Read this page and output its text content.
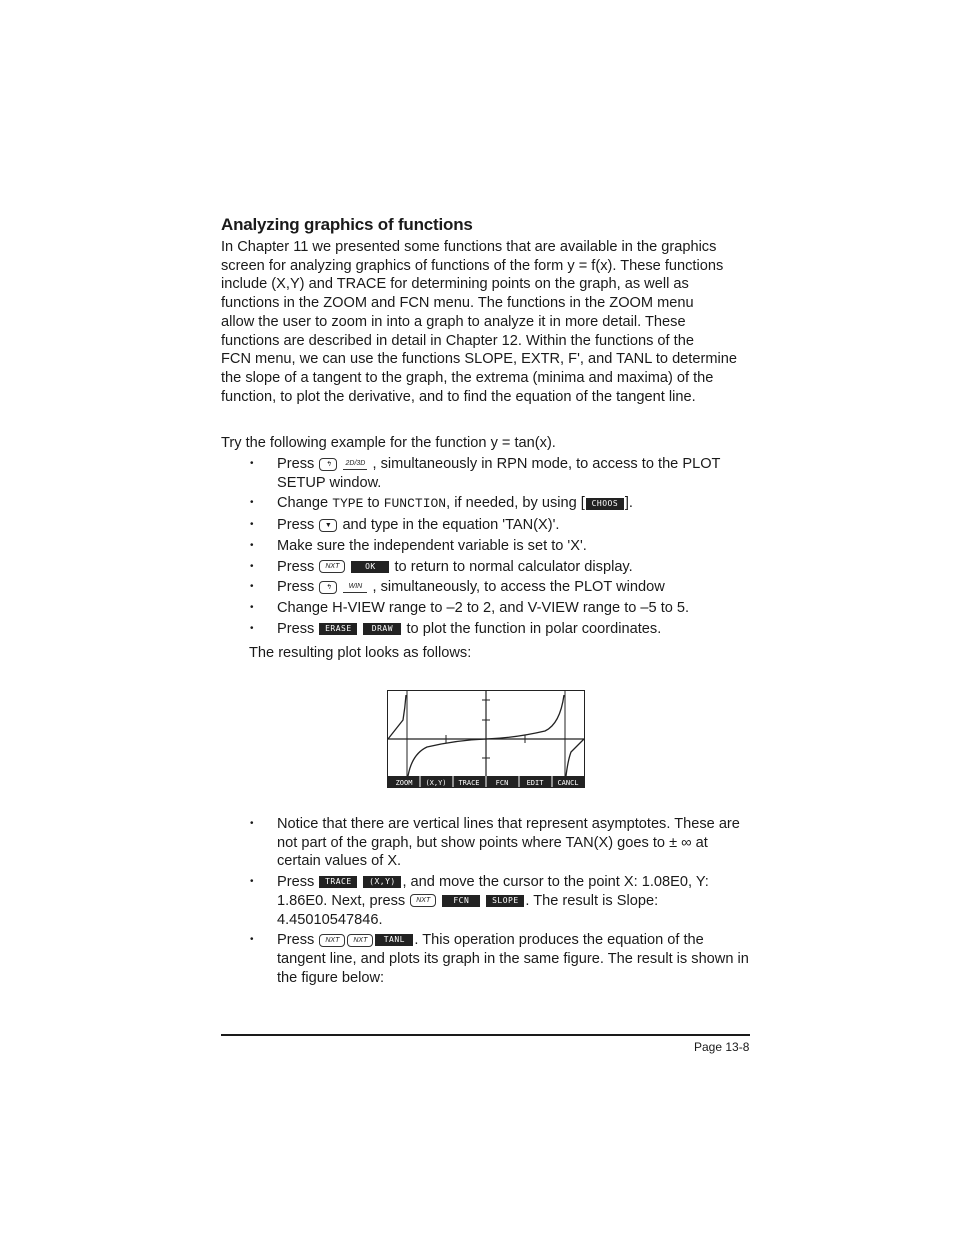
Analyzing graphics of functions
In Chapter 11 we presented some functions that are available in the graphics
screen for analyzing graphics of functions of the form y = f(x). These functions
include (X,Y) and TRACE for determining points on the graph, as well as
functions in the ZOOM and FCN menu. The functions in the ZOOM menu
allow the user to zoom in into a graph to analyze it in more detail. These
functions are described in detail in Chapter 12. Within the functions of the
FCN menu, we can use the functions SLOPE, EXTR, F', and TANL to determine
the slope of a tangent to the graph, the extrema (minima and maxima) of the
function, to plot the derivative, and to find the equation of the tangent line.
Try the following example for the function y = tan(x).
• Press ↰ 2D/3D , simultaneously in RPN mode, to access to the PLOT SETUP window.
• Change TYPE to FUNCTION, if needed, by using [ CHOOS ].
• Press ▼ and type in the equation 'TAN(X)'.
• Make sure the independent variable is set to 'X'.
• Press NXT	OK to return to normal calculator display.
• Press ↰ WIN , simultaneously, to access the PLOT window
• Change H-VIEW range to –2 to 2, and V-VIEW range to –5 to 5.
• Press ERASE	DRAW to plot the function in polar coordinates.
The resulting plot looks as follows:
ZOOM (X,Y) TRACE FCN	EDIT CANCL
• Notice that there are vertical lines that represent asymptotes. These are not part of the graph, but show points where TAN(X) goes to ± ∞ at certain values of X.
• Press TRACE (X,Y) , and move the cursor to the point X: 1.08E0, Y: 1.86E0. Next, press NXT	FCN	SLOPE . The result is Slope: 4.45010547846.
• Press NXT NXT TANL . This operation produces the equation of the tangent line, and plots its graph in the same figure. The result is shown in the figure below:
Page 13-8
